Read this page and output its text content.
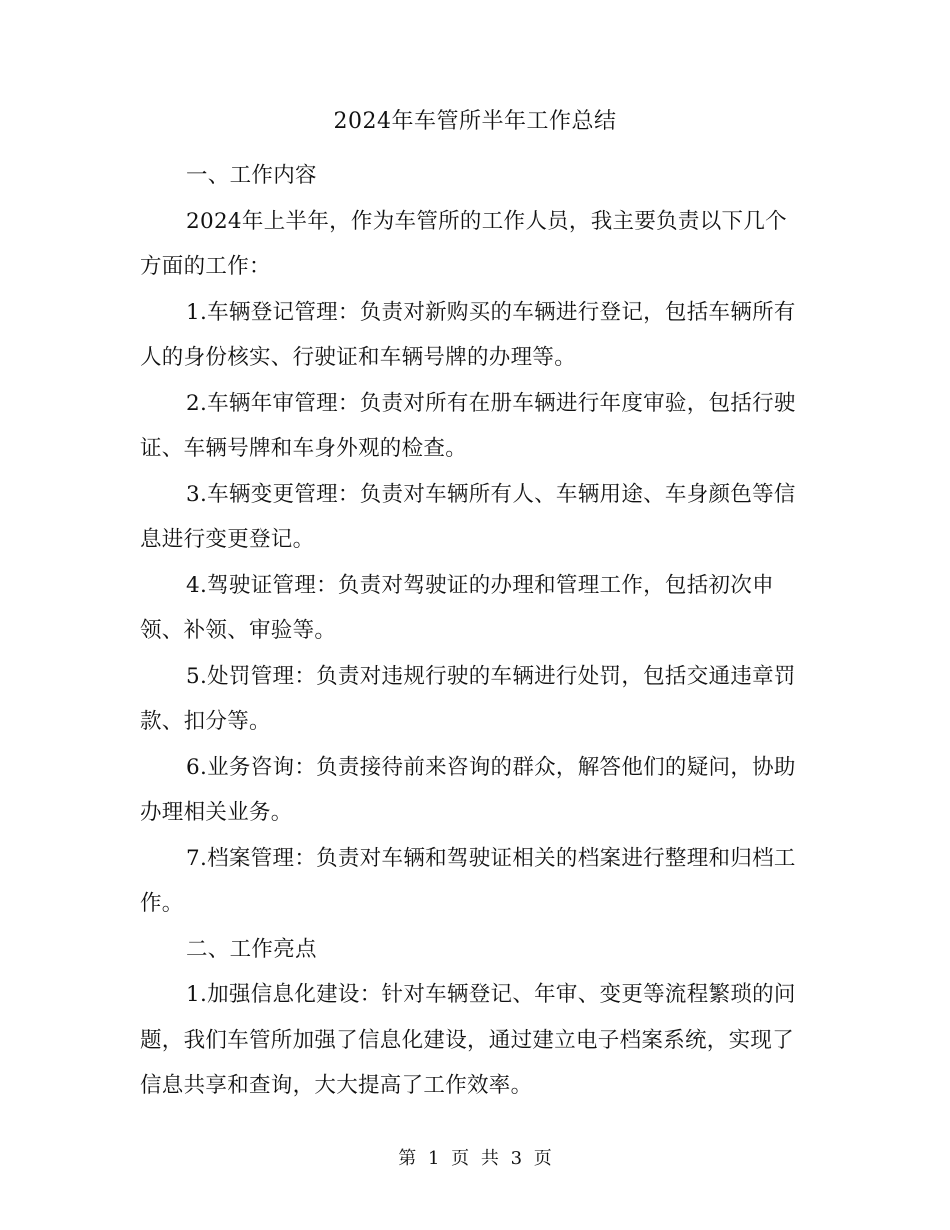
2024年车管所半年工作总结

一、工作内容

2024年上半年，作为车管所的工作人员，我主要负责以下几个方面的工作：

1.车辆登记管理：负责对新购买的车辆进行登记，包括车辆所有人的身份核实、行驶证和车辆号牌的办理等。

2.车辆年审管理：负责对所有在册车辆进行年度审验，包括行驶证、车辆号牌和车身外观的检查。

3.车辆变更管理：负责对车辆所有人、车辆用途、车身颜色等信息进行变更登记。

4.驾驶证管理：负责对驾驶证的办理和管理工作，包括初次申领、补领、审验等。

5.处罚管理：负责对违规行驶的车辆进行处罚，包括交通违章罚款、扣分等。

6.业务咨询：负责接待前来咨询的群众，解答他们的疑问，协助办理相关业务。

7.档案管理：负责对车辆和驾驶证相关的档案进行整理和归档工作。

二、工作亮点

1.加强信息化建设：针对车辆登记、年审、变更等流程繁琐的问题，我们车管所加强了信息化建设，通过建立电子档案系统，实现了信息共享和查询，大大提高了工作效率。

第 1 页 共 3 页
